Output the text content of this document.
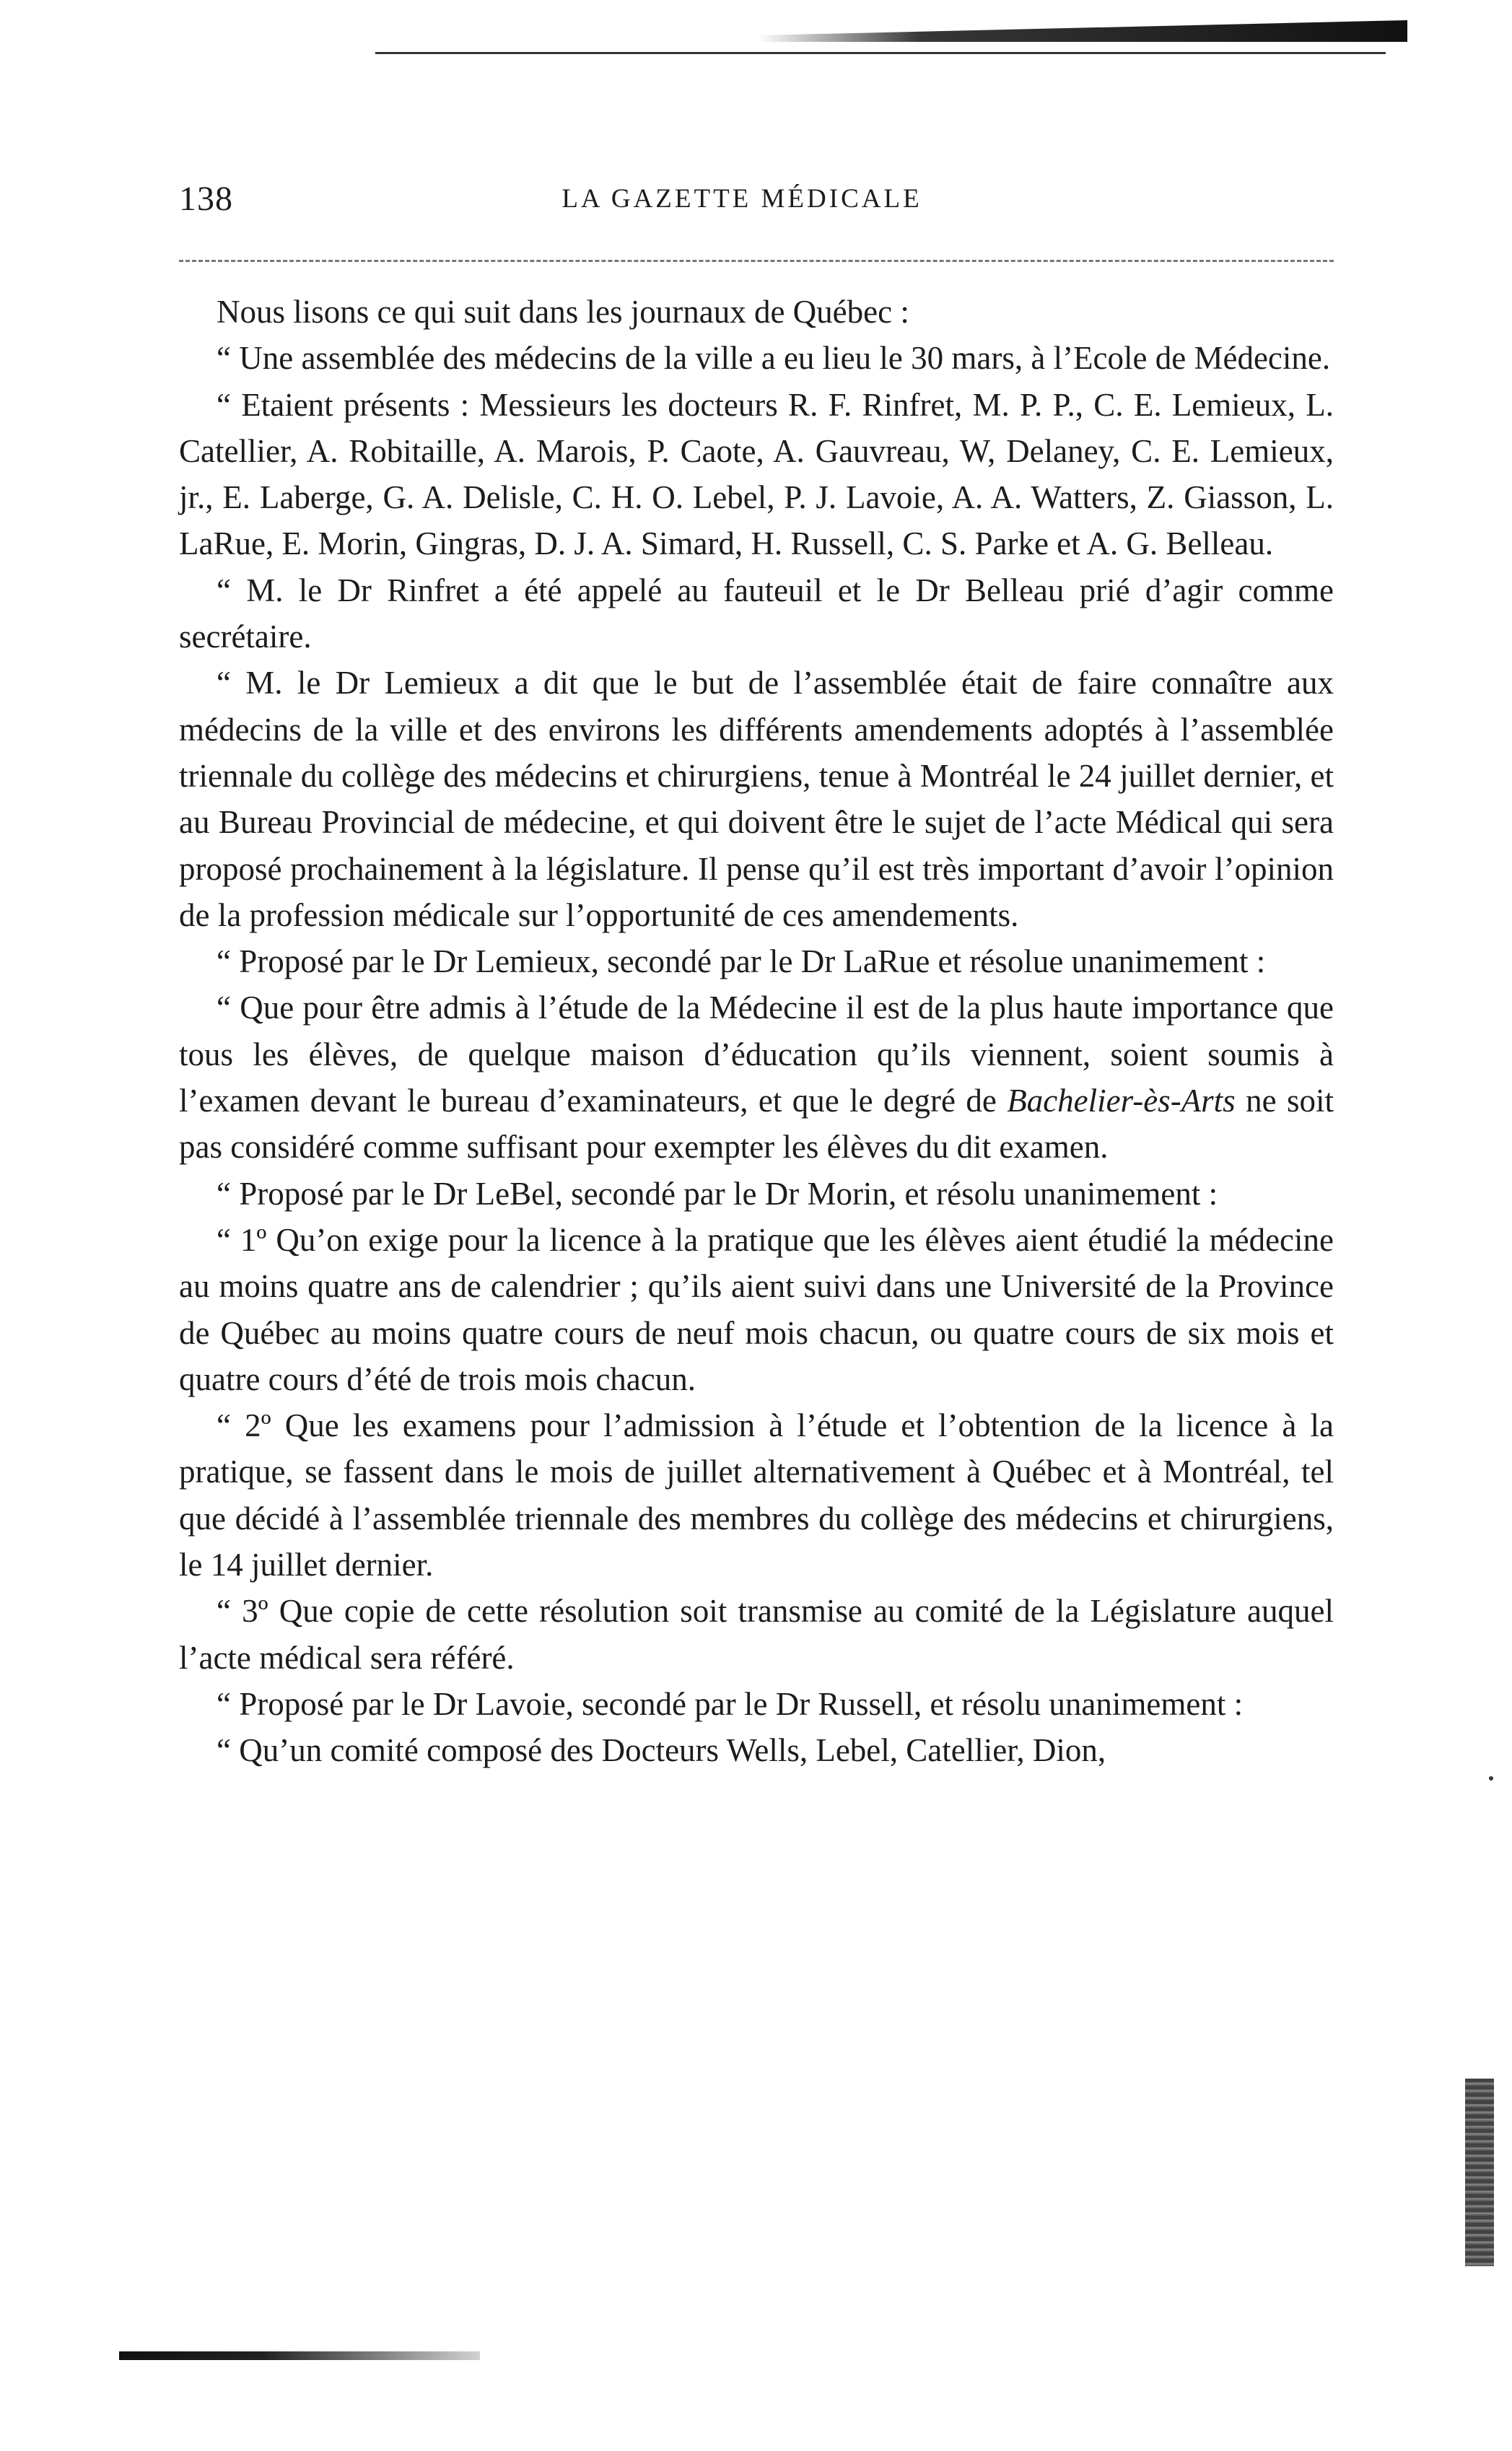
138	LA GAZETTE MÉDICALE

Nous lisons ce qui suit dans les journaux de Québec :

“ Une assemblée des médecins de la ville a eu lieu le 30 mars, à l’Ecole de Médecine.

“ Etaient présents : Messieurs les docteurs R. F. Rinfret, M. P. P., C. E. Lemieux, L. Catellier, A. Robitaille, A. Marois, P. Caote, A. Gauvreau, W, Delaney, C. E. Lemieux, jr., E. Laberge, G. A. Delisle, C. H. O. Lebel, P. J. Lavoie, A. A. Watters, Z. Giasson, L. LaRue, E. Morin, Gingras, D. J. A. Simard, H. Russell, C. S. Parke et A. G. Belleau.

“ M. le Dr Rinfret a été appelé au fauteuil et le Dr Belleau prié d’agir comme secrétaire.

“ M. le Dr Lemieux a dit que le but de l’assemblée était de faire connaître aux médecins de la ville et des environs les différents amendements adoptés à l’assemblée triennale du collège des médecins et chirurgiens, tenue à Montréal le 24 juillet dernier, et au Bureau Provincial de médecine, et qui doivent être le sujet de l’acte Médical qui sera proposé prochainement à la législature. Il pense qu’il est très important d’avoir l’opinion de la profession médicale sur l’opportunité de ces amendements.

“ Proposé par le Dr Lemieux, secondé par le Dr LaRue et résolue unanimement :

“ Que pour être admis à l’étude de la Médecine il est de la plus haute importance que tous les élèves, de quelque maison d’éducation qu’ils viennent, soient soumis à l’examen devant le bureau d’examinateurs, et que le degré de Bachelier-ès-Arts ne soit pas considéré comme suffisant pour exempter les élèves du dit examen.

“ Proposé par le Dr LeBel, secondé par le Dr Morin, et résolu unanimement :

“ 1º Qu’on exige pour la licence à la pratique que les élèves aient étudié la médecine au moins quatre ans de calendrier ; qu’ils aient suivi dans une Université de la Province de Québec au moins quatre cours de neuf mois chacun, ou quatre cours de six mois et quatre cours d’été de trois mois chacun.

“ 2º Que les examens pour l’admission à l’étude et l’obtention de la licence à la pratique, se fassent dans le mois de juillet alternativement à Québec et à Montréal, tel que décidé à l’assemblée triennale des membres du collège des médecins et chirurgiens, le 14 juillet dernier.

“ 3º Que copie de cette résolution soit transmise au comité de la Législature auquel l’acte médical sera référé.

“ Proposé par le Dr Lavoie, secondé par le Dr Russell, et résolu unanimement :

“ Qu’un comité composé des Docteurs Wells, Lebel, Catellier, Dion,
